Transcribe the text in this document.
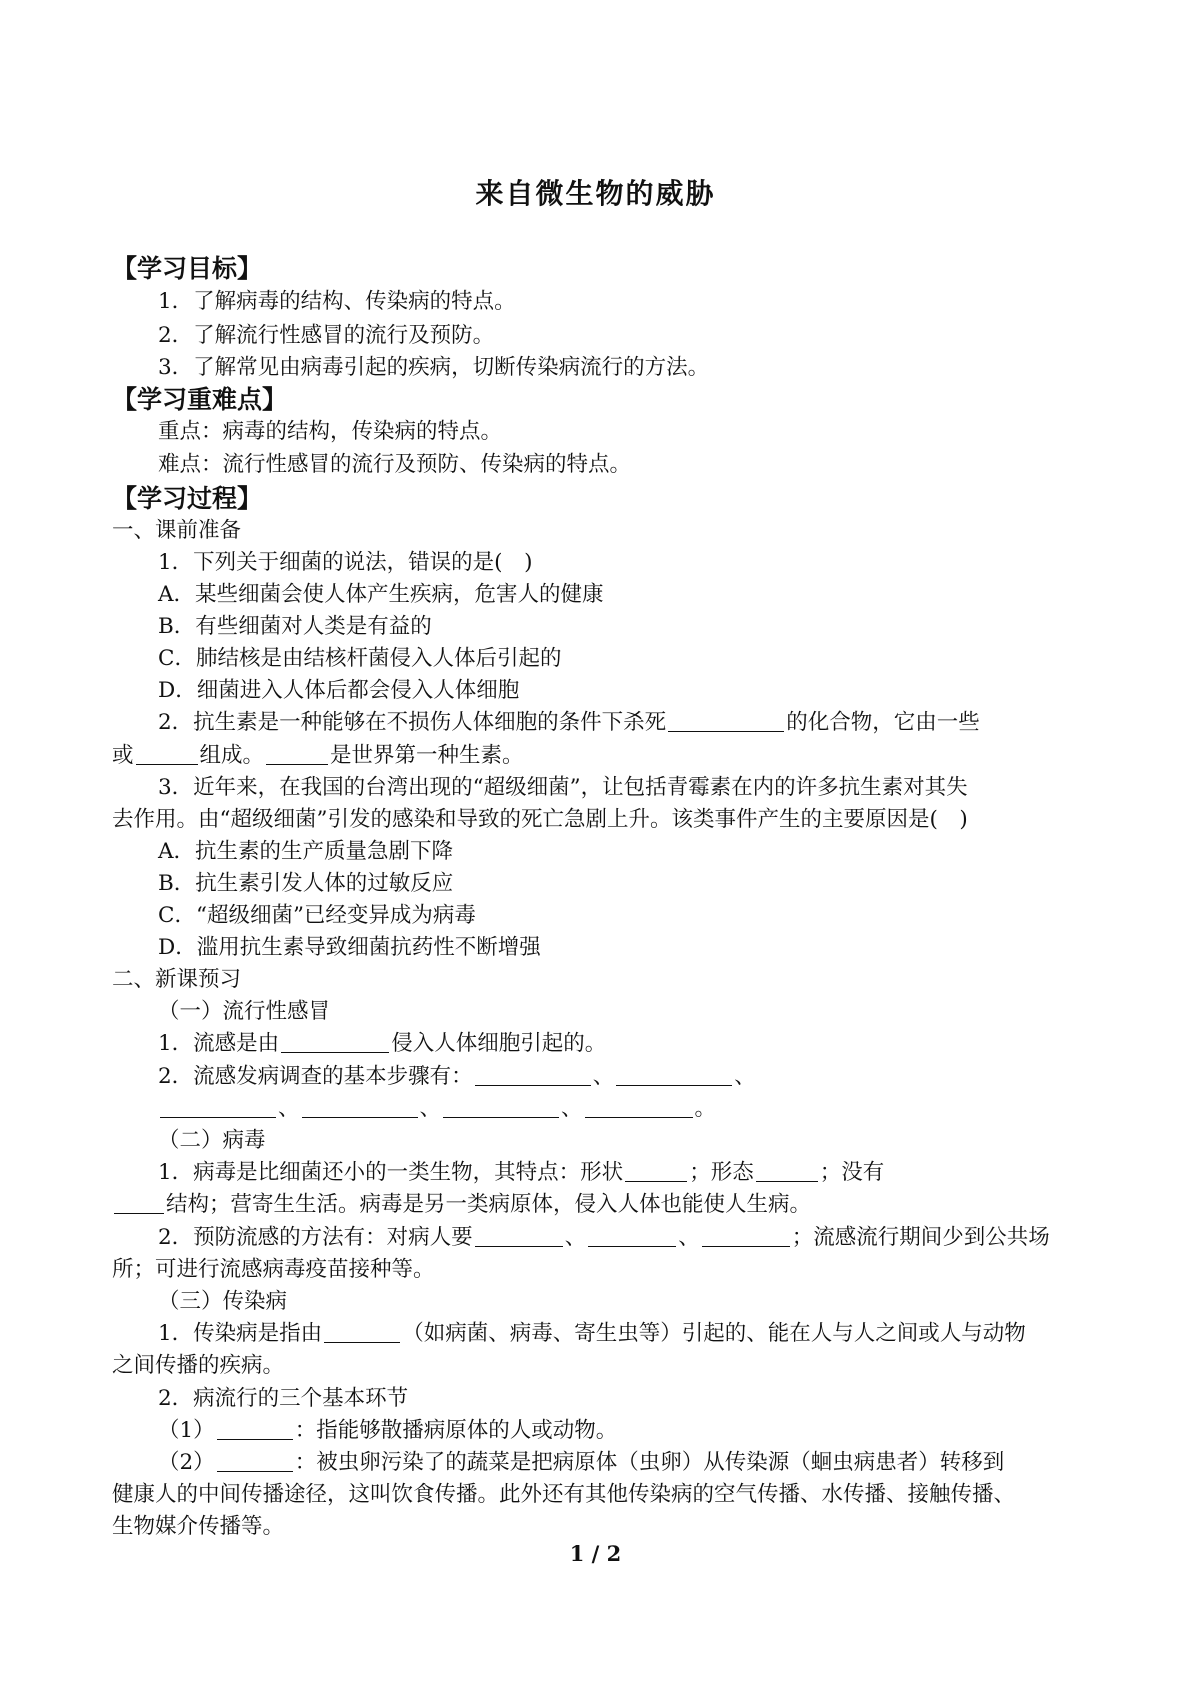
来自微生物的威胁
【学习目标】
1．了解病毒的结构、传染病的特点。
2．了解流行性感冒的流行及预防。
3．了解常见由病毒引起的疾病，切断传染病流行的方法。
【学习重难点】
重点：病毒的结构，传染病的特点。
难点：流行性感冒的流行及预防、传染病的特点。
【学习过程】
一、课前准备
1．下列关于细菌的说法，错误的是(　)
A．某些细菌会使人体产生疾病，危害人的健康
B．有些细菌对人类是有益的
C．肺结核是由结核杆菌侵入人体后引起的
D．细菌进入人体后都会侵入人体细胞
2．抗生素是一种能够在不损伤人体细胞的条件下杀死	的化合物，它由一些
或	组成。	是世界第一种生素。
3．近年来，在我国的台湾出现的“超级细菌”，让包括青霉素在内的许多抗生素对其失
去作用。由“超级细菌”引发的感染和导致的死亡急剧上升。该类事件产生的主要原因是(　)
A．抗生素的生产质量急剧下降
B．抗生素引发人体的过敏反应
C．“超级细菌”已经变异成为病毒
D．滥用抗生素导致细菌抗药性不断增强
二、新课预习
（一）流行性感冒
1．流感是由	侵入人体细胞引起的。
2．流感发病调查的基本步骤有：	、	、
、	、	、	。
（二）病毒
1．病毒是比细菌还小的一类生物，其特点：形状	；形态	；没有
结构；营寄生生活。病毒是另一类病原体，侵入人体也能使人生病。
2．预防流感的方法有：对病人要	、	、	；流感流行期间少到公共场
所；可进行流感病毒疫苗接种等。
（三）传染病
1．传染病是指由	（如病菌、病毒、寄生虫等）引起的、能在人与人之间或人与动物
之间传播的疾病。
2．病流行的三个基本环节
（1）	：指能够散播病原体的人或动物。
（2）	：被虫卵污染了的蔬菜是把病原体（虫卵）从传染源（蛔虫病患者）转移到
健康人的中间传播途径，这叫饮食传播。此外还有其他传染病的空气传播、水传播、接触传播、
生物媒介传播等。
1 / 2
